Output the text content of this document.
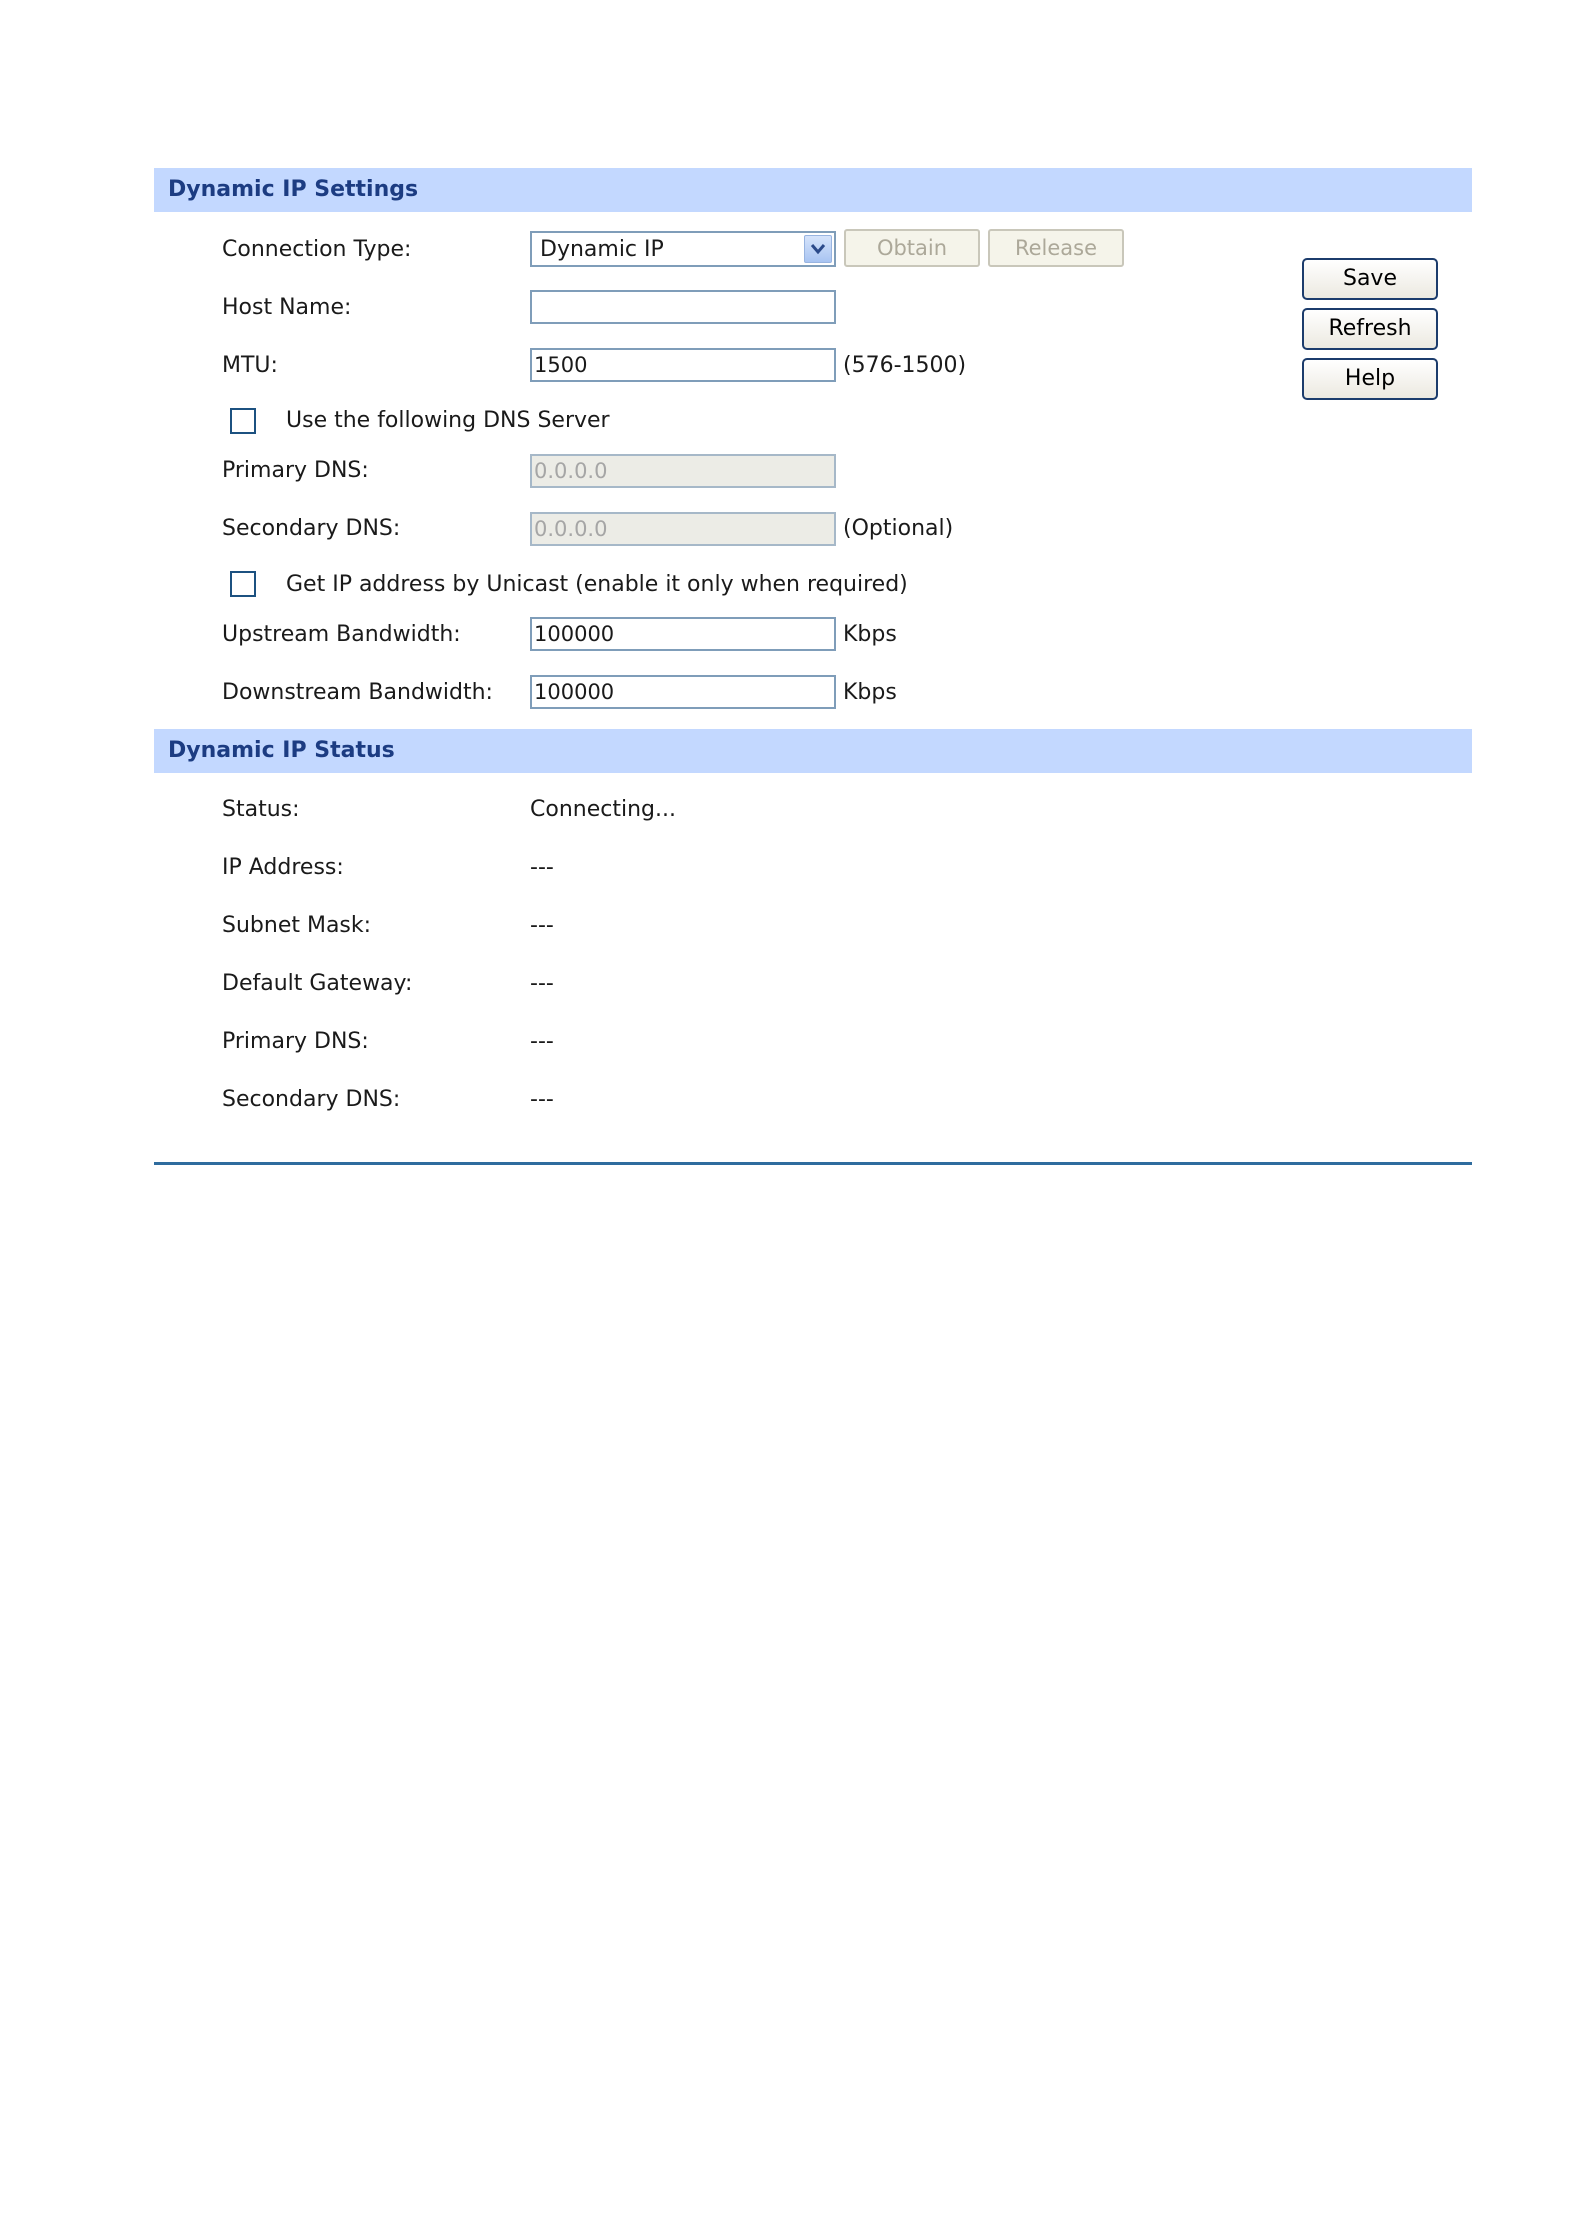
Dynamic IP Settings
Connection Type:	Dynamic IP	Obtain	Release
Save
Refresh
Help
Host Name:
MTU:	1500	(576-1500)
Use the following DNS Server
Primary DNS:	0.0.0.0
Secondary DNS:	0.0.0.0	(Optional)
Get IP address by Unicast (enable it only when required)
Upstream Bandwidth:	100000	Kbps
Downstream Bandwidth: 100000	Kbps
Dynamic IP Status
Status:	Connecting...
IP Address:	---
Subnet Mask:	---
Default Gateway:	---
Primary DNS:	---
Secondary DNS:	---
